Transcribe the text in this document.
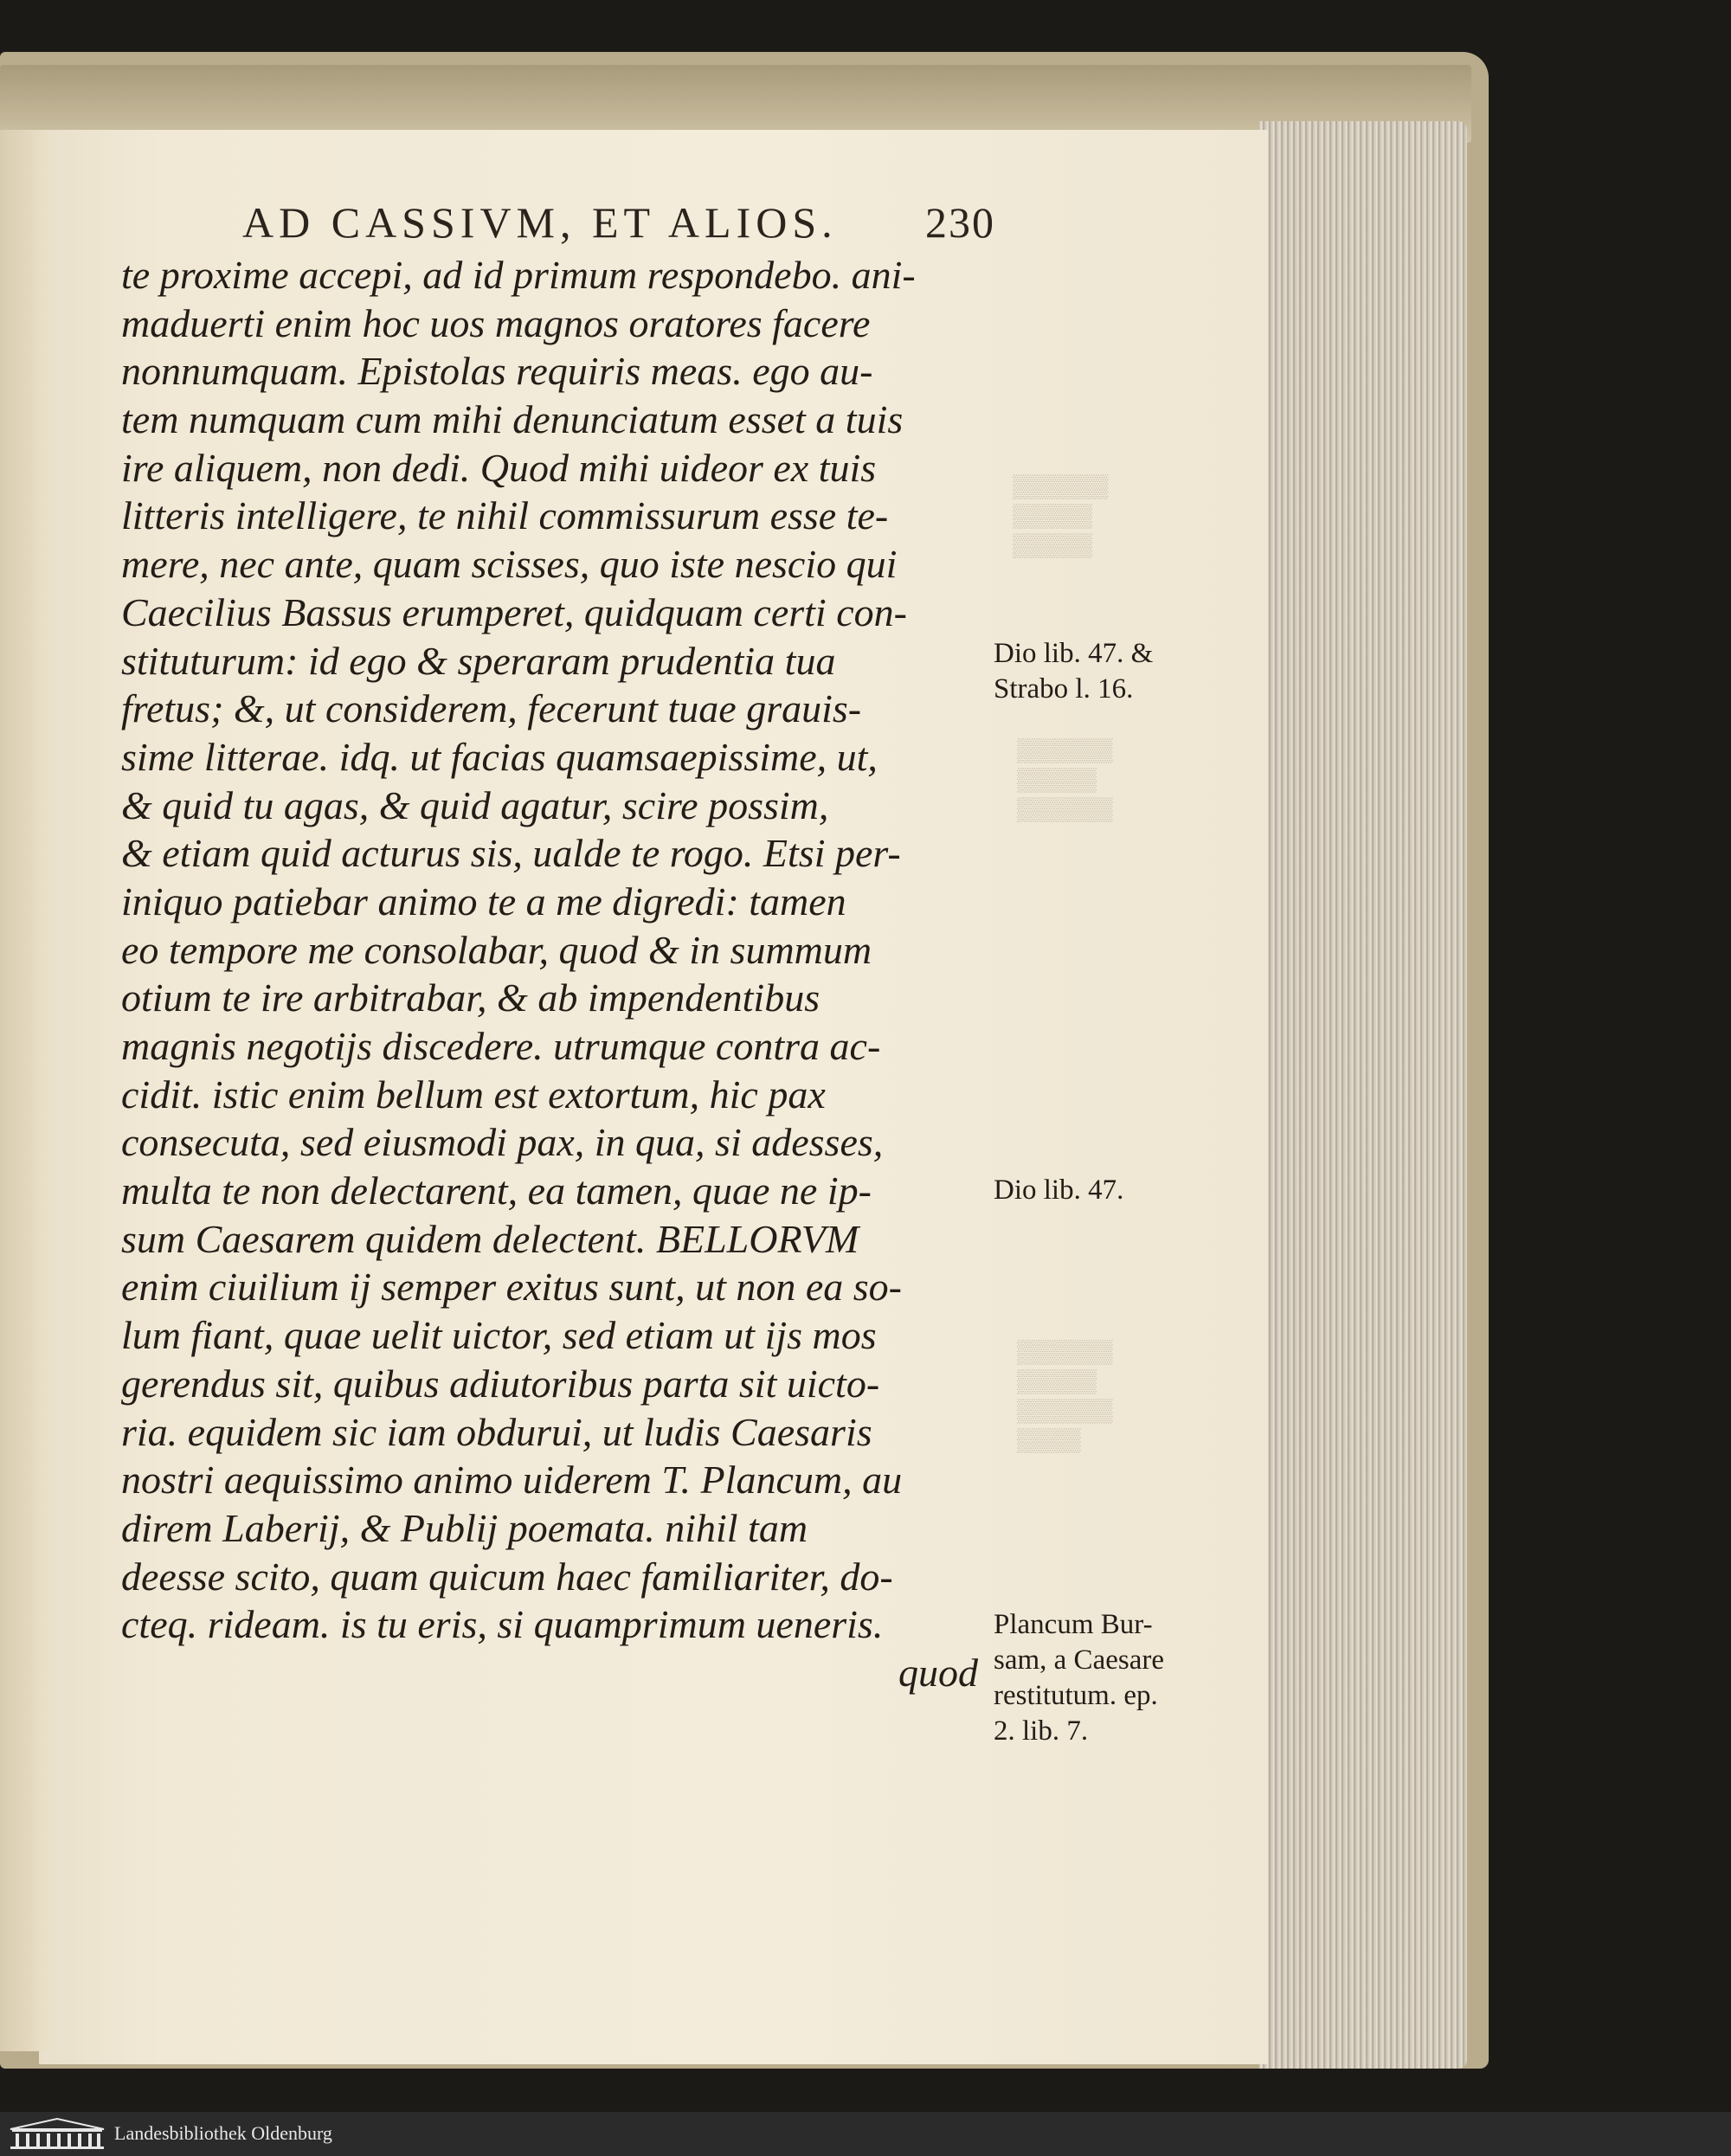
▒▒▒▒▒▒
▒▒▒▒▒
▒▒▒▒▒
▒▒▒▒▒▒
▒▒▒▒▒
▒▒▒▒▒▒
▒▒▒▒▒▒
▒▒▒▒▒
▒▒▒▒▒▒
▒▒▒▒
AD CASSIVM, ET ALIOS. 230
te proxime accepi, ad id primum respondebo. ani-
maduerti enim hoc uos magnos oratores facere
nonnumquam. Epistolas requiris meas. ego au-
tem numquam cum mihi denunciatum esset a tuis
ire aliquem, non dedi. Quod mihi uideor ex tuis
litteris intelligere, te nihil commissurum esse te-
mere, nec ante, quam scisses, quo iste nescio qui
Caecilius Bassus erumperet, quidquam certi con-
stituturum: id ego & speraram prudentia tua
fretus; &, ut considerem, fecerunt tuae grauis-
sime litterae. idq. ut facias quamsaepissime, ut,
& quid tu agas, & quid agatur, scire possim,
& etiam quid acturus sis, ualde te rogo. Etsi per-
iniquo patiebar animo te a me digredi: tamen
eo tempore me consolabar, quod & in summum
otium te ire arbitrabar, & ab impendentibus
magnis negotijs discedere. utrumque contra ac-
cidit. istic enim bellum est extortum, hic pax
consecuta, sed eiusmodi pax, in qua, si adesses,
multa te non delectarent, ea tamen, quae ne ip-
sum Caesarem quidem delectent. BELLORVM
enim ciuilium ij semper exitus sunt, ut non ea so-
lum fiant, quae uelit uictor, sed etiam ut ijs mos
gerendus sit, quibus adiutoribus parta sit uicto-
ria. equidem sic iam obdurui, ut ludis Caesaris
nostri aequissimo animo uiderem T. Plancum, au
direm Laberij, & Publij poemata. nihil tam
deesse scito, quam quicum haec familiariter, do-
cteq. rideam. is tu eris, si quamprimum ueneris.
quod
Dio lib. 47. &
Strabo l. 16.
Dio lib. 47.
Plancum Bur-
sam, a Caesare
restitutum. ep.
2. lib. 7.
Landesbibliothek Oldenburg
